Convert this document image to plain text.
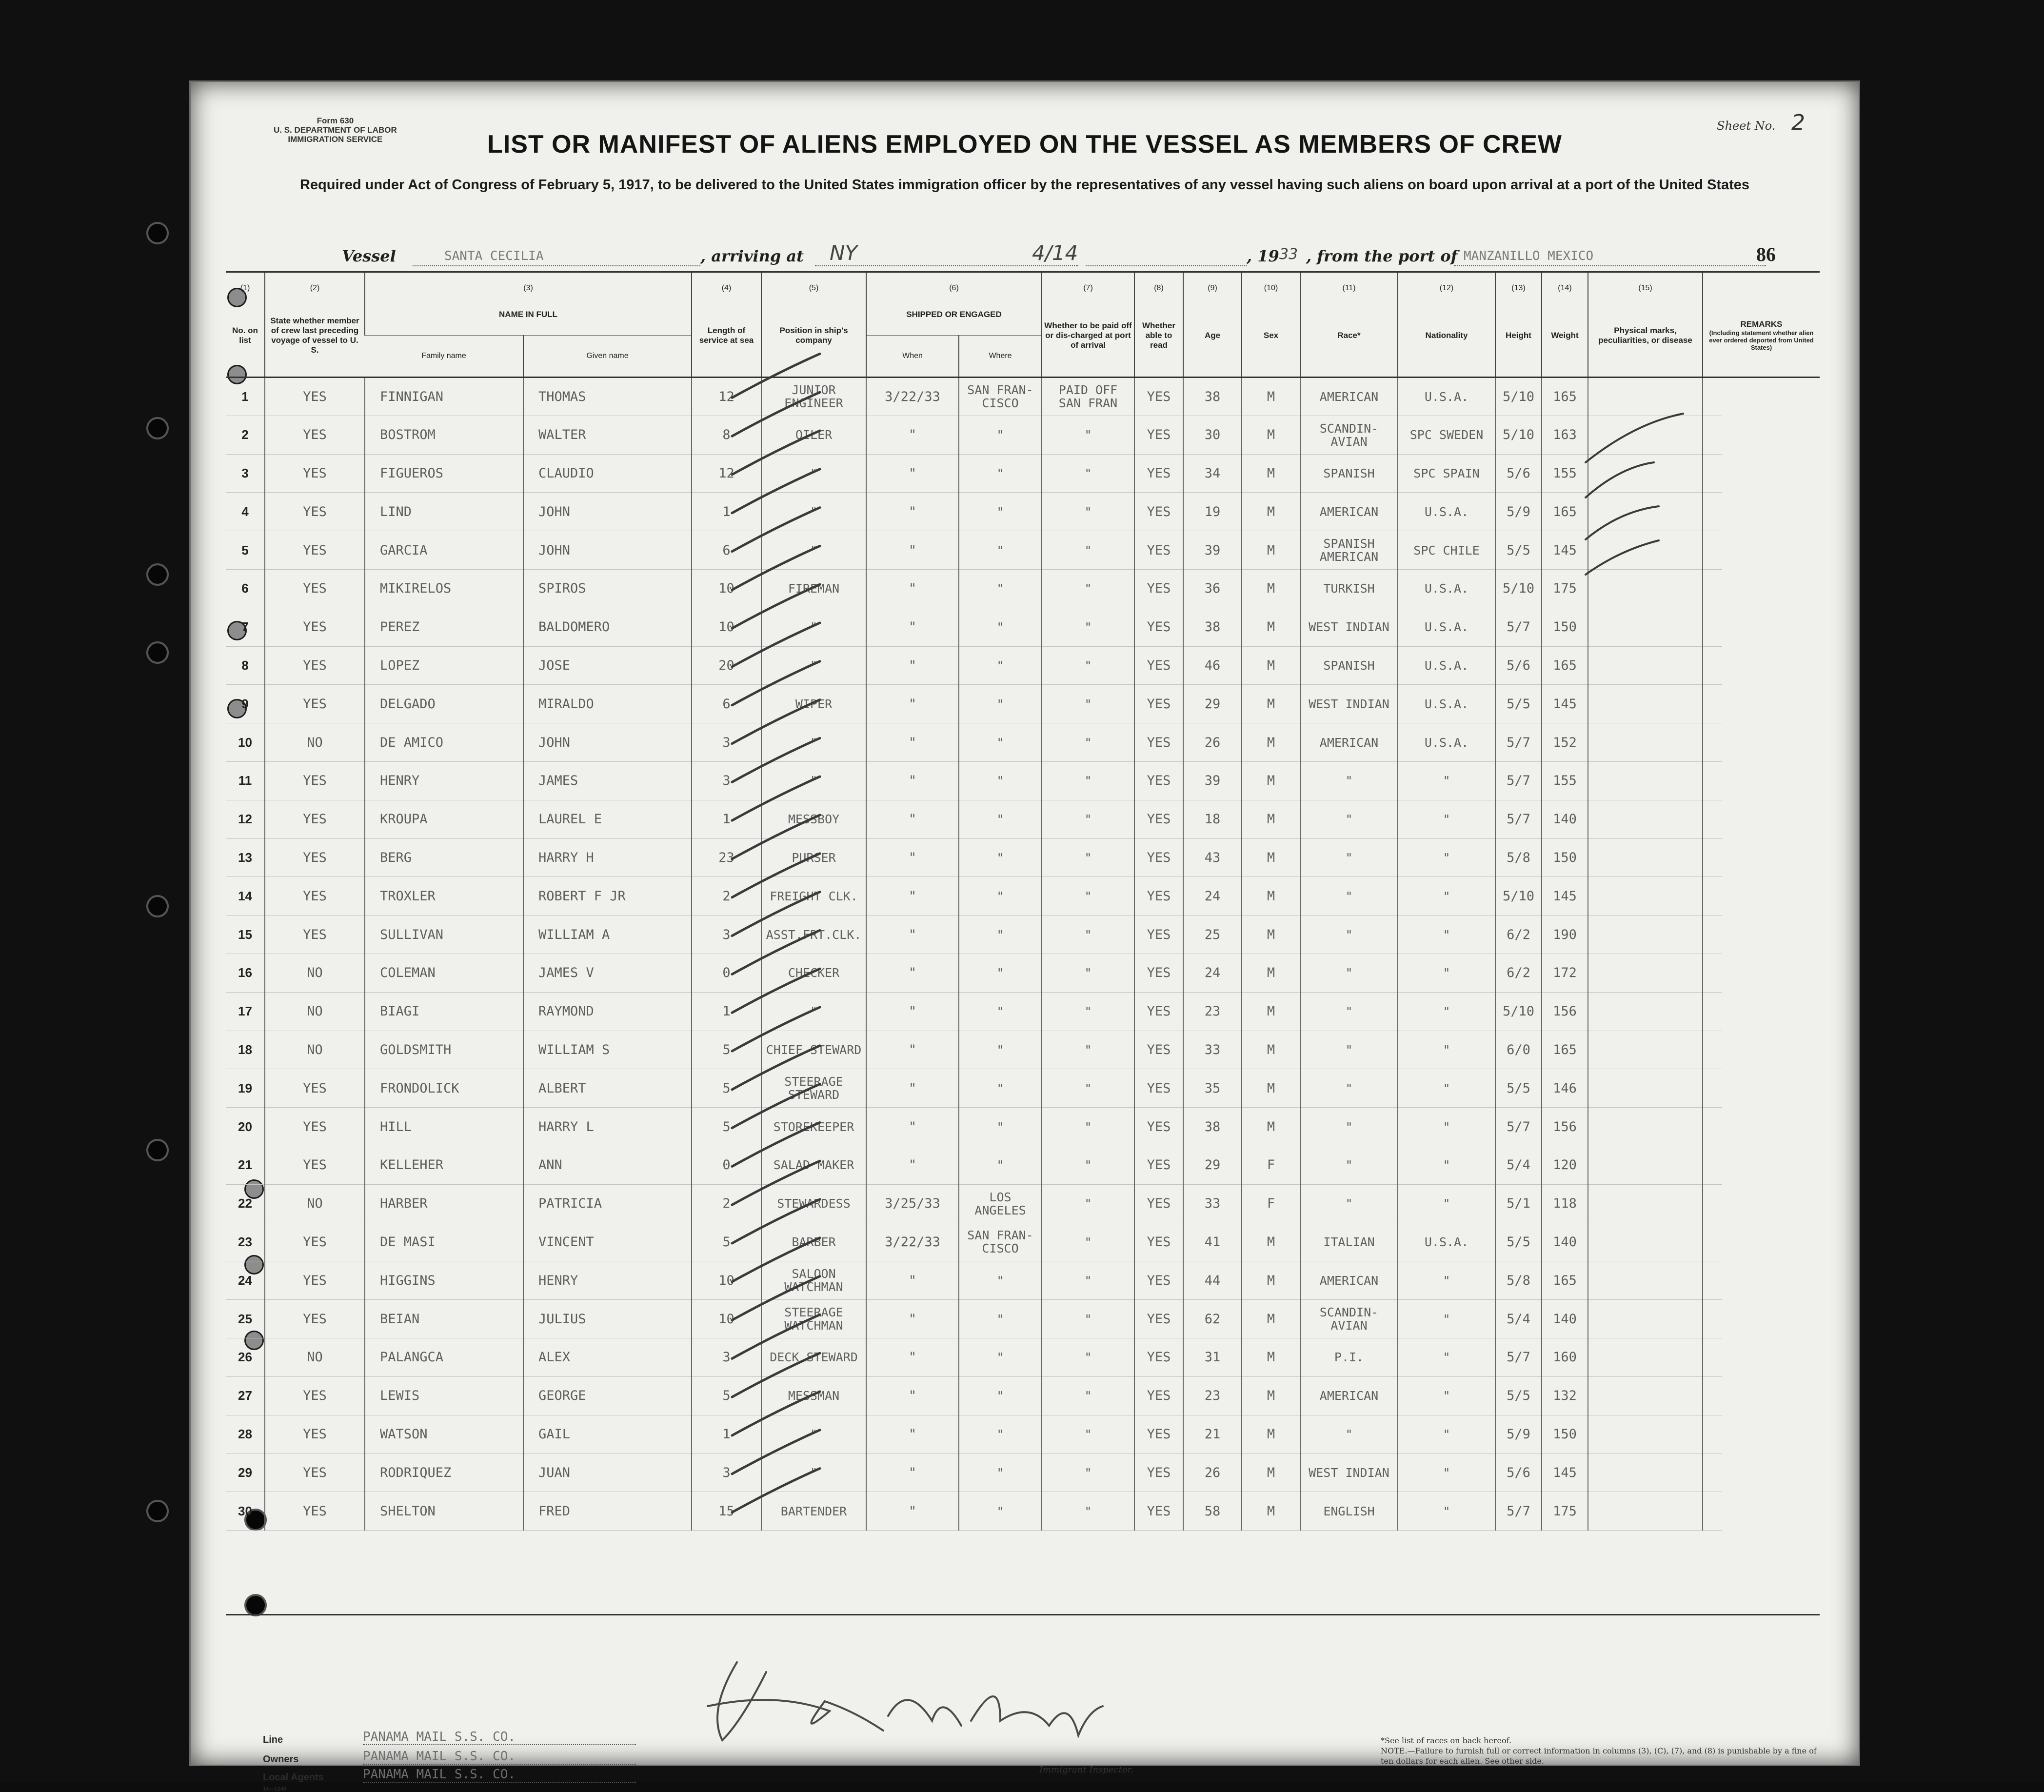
Form 630
U. S. DEPARTMENT OF LABOR
IMMIGRATION SERVICE
Sheet No. 2
LIST OR MANIFEST OF ALIENS EMPLOYED ON THE VESSEL AS MEMBERS OF CREW
Required under Act of Congress of February 5, 1917, to be delivered to the United States immigration officer by the representatives of any vessel having such aliens on board upon arrival at a port of the United States
Vessel	SANTA CECILIA	, arriving at NY	4/14	, 19 33 , from the port of MANZANILLO MEXICO	86
(1)	(2)	(3)		(4)	(5)	(6)		(7)	(8)	(9)	(10)	(11)	(12)	(13)	(14)	(15)	
No. on list	State whether member of crew last preceding voyage of vessel to U. S.	NAME IN FULL		Length of service at sea	Position in ship's company	SHIPPED OR ENGAGED		Whether to be paid off or dis-charged at port of arrival	Whether able to read	Age	Sex	Race*	Nationality	Height	Weight	Physical marks, peculiarities, or disease	REMARKS
(Including statement whether alien ever ordered deported from United States)

		Family name	Given name			When	Where										
1	YES	FINNIGAN	THOMAS	12	JUNIOR ENGINEER	3/22/33	SAN FRAN-CISCO	PAID OFF SAN FRAN	YES	38	M	AMERICAN	U.S.A.	5/10	165		
2	YES	BOSTROM	WALTER	8	OILER	"	"	"	YES	30	M	SCANDIN-AVIAN	SPC SWEDEN	5/10	163		
3	YES	FIGUEROS	CLAUDIO	12	"	"	"	"	YES	34	M	SPANISH	SPC SPAIN	5/6	155		
4	YES	LIND	JOHN	1	"	"	"	"	YES	19	M	AMERICAN	U.S.A.	5/9	165		
5	YES	GARCIA	JOHN	6	"	"	"	"	YES	39	M	SPANISH AMERICAN	SPC CHILE	5/5	145		
6	YES	MIKIRELOS	SPIROS	10	FIREMAN	"	"	"	YES	36	M	TURKISH	U.S.A.	5/10	175		
7	YES	PEREZ	BALDOMERO	10	"	"	"	"	YES	38	M	WEST INDIAN	U.S.A.	5/7	150		
8	YES	LOPEZ	JOSE	20	"	"	"	"	YES	46	M	SPANISH	U.S.A.	5/6	165		
9	YES	DELGADO	MIRALDO	6	WIPER	"	"	"	YES	29	M	WEST INDIAN	U.S.A.	5/5	145		
10	NO	DE AMICO	JOHN	3	"	"	"	"	YES	26	M	AMERICAN	U.S.A.	5/7	152		
11	YES	HENRY	JAMES	3	"	"	"	"	YES	39	M	"	"	5/7	155		
12	YES	KROUPA	LAUREL E	1	MESSBOY	"	"	"	YES	18	M	"	"	5/7	140		
13	YES	BERG	HARRY H	23	PURSER	"	"	"	YES	43	M	"	"	5/8	150		
14	YES	TROXLER	ROBERT F JR	2	FREIGHT CLK.	"	"	"	YES	24	M	"	"	5/10	145		
15	YES	SULLIVAN	WILLIAM A	3	ASST.FRT.CLK.	"	"	"	YES	25	M	"	"	6/2	190		
16	NO	COLEMAN	JAMES V	0	CHECKER	"	"	"	YES	24	M	"	"	6/2	172		
17	NO	BIAGI	RAYMOND	1	"	"	"	"	YES	23	M	"	"	5/10	156		
18	NO	GOLDSMITH	WILLIAM S	5	CHIEF STEWARD	"	"	"	YES	33	M	"	"	6/0	165		
19	YES	FRONDOLICK	ALBERT	5	STEERAGE STEWARD	"	"	"	YES	35	M	"	"	5/5	146		
20	YES	HILL	HARRY L	5	STOREKEEPER	"	"	"	YES	38	M	"	"	5/7	156		
21	YES	KELLEHER	ANN	0	SALAD MAKER	"	"	"	YES	29	F	"	"	5/4	120		
22	NO	HARBER	PATRICIA	2	STEWARDESS	3/25/33	LOS ANGELES	"	YES	33	F	"	"	5/1	118		
23	YES	DE MASI	VINCENT	5	BARBER	3/22/33	SAN FRAN-CISCO	"	YES	41	M	ITALIAN	U.S.A.	5/5	140		
24	YES	HIGGINS	HENRY	10	SALOON WATCHMAN	"	"	"	YES	44	M	AMERICAN	"	5/8	165		
25	YES	BEIAN	JULIUS	10	STEERAGE WATCHMAN	"	"	"	YES	62	M	SCANDIN-AVIAN	"	5/4	140		
26	NO	PALANGCA	ALEX	3	DECK STEWARD	"	"	"	YES	31	M	P.I.	"	5/7	160		
27	YES	LEWIS	GEORGE	5	MESSMAN	"	"	"	YES	23	M	AMERICAN	"	5/5	132		
28	YES	WATSON	GAIL	1	"	"	"	"	YES	21	M	"	"	5/9	150		
29	YES	RODRIQUEZ	JUAN	3	"	"	"	"	YES	26	M	WEST INDIAN	"	5/6	145		
30	YES	SHELTON	FRED	15	BARTENDER	"	"	"	YES	58	M	ENGLISH	"	5/7	175		
Line	PANAMA MAIL S.S. CO.
Owners	PANAMA MAIL S.S. CO.
Local Agents	PANAMA MAIL S.S. CO.
14—1240
Immigrant Inspector.
*See list of races on back hereof.
NOTE.—Failure to furnish full or correct information in columns (3), (C), (7), and (8) is punishable by a fine of ten dollars for each alien. See other side.
